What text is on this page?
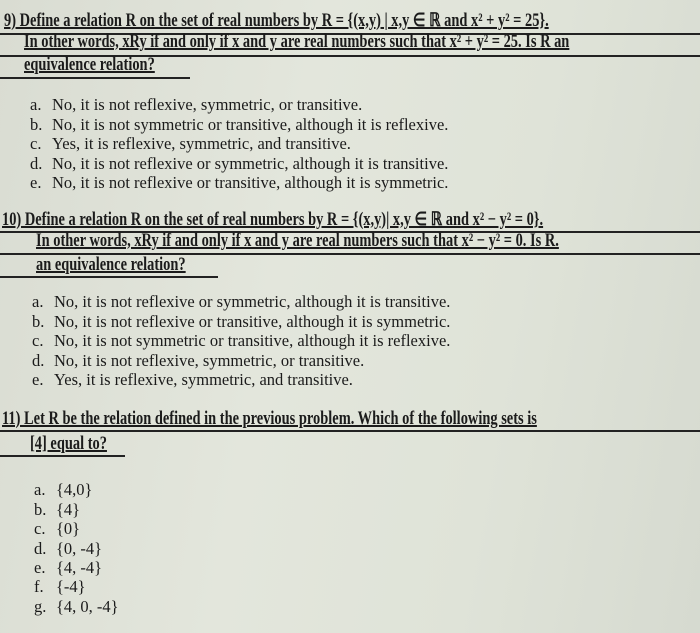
9) Define a relation R on the set of real numbers by R = {(x,y) | x,y ∈ ℝ and x² + y² = 25}.
In other words, xRy if and only if x and y are real numbers such that x² + y² = 25. Is R an
equivalence relation?
a. No, it is not reflexive, symmetric, or transitive.
b. No, it is not symmetric or transitive, although it is reflexive.
c. Yes, it is reflexive, symmetric, and transitive.
d. No, it is not reflexive or symmetric, although it is transitive.
e. No, it is not reflexive or transitive, although it is symmetric.
10) Define a relation R on the set of real numbers by R = {(x,y)| x,y ∈ ℝ and x² − y² = 0}.
In other words, xRy if and only if x and y are real numbers such that x² − y² = 0. Is R.
an equivalence relation?
a. No, it is not reflexive or symmetric, although it is transitive.
b. No, it is not reflexive or transitive, although it is symmetric.
c. No, it is not symmetric or transitive, although it is reflexive.
d. No, it is not reflexive, symmetric, or transitive.
e. Yes, it is reflexive, symmetric, and transitive.
11) Let R be the relation defined in the previous problem. Which of the following sets is
[4] equal to?
a. {4,0}
b. {4}
c. {0}
d. {0, -4}
e. {4, -4}
f. {-4}
g. {4, 0, -4}
